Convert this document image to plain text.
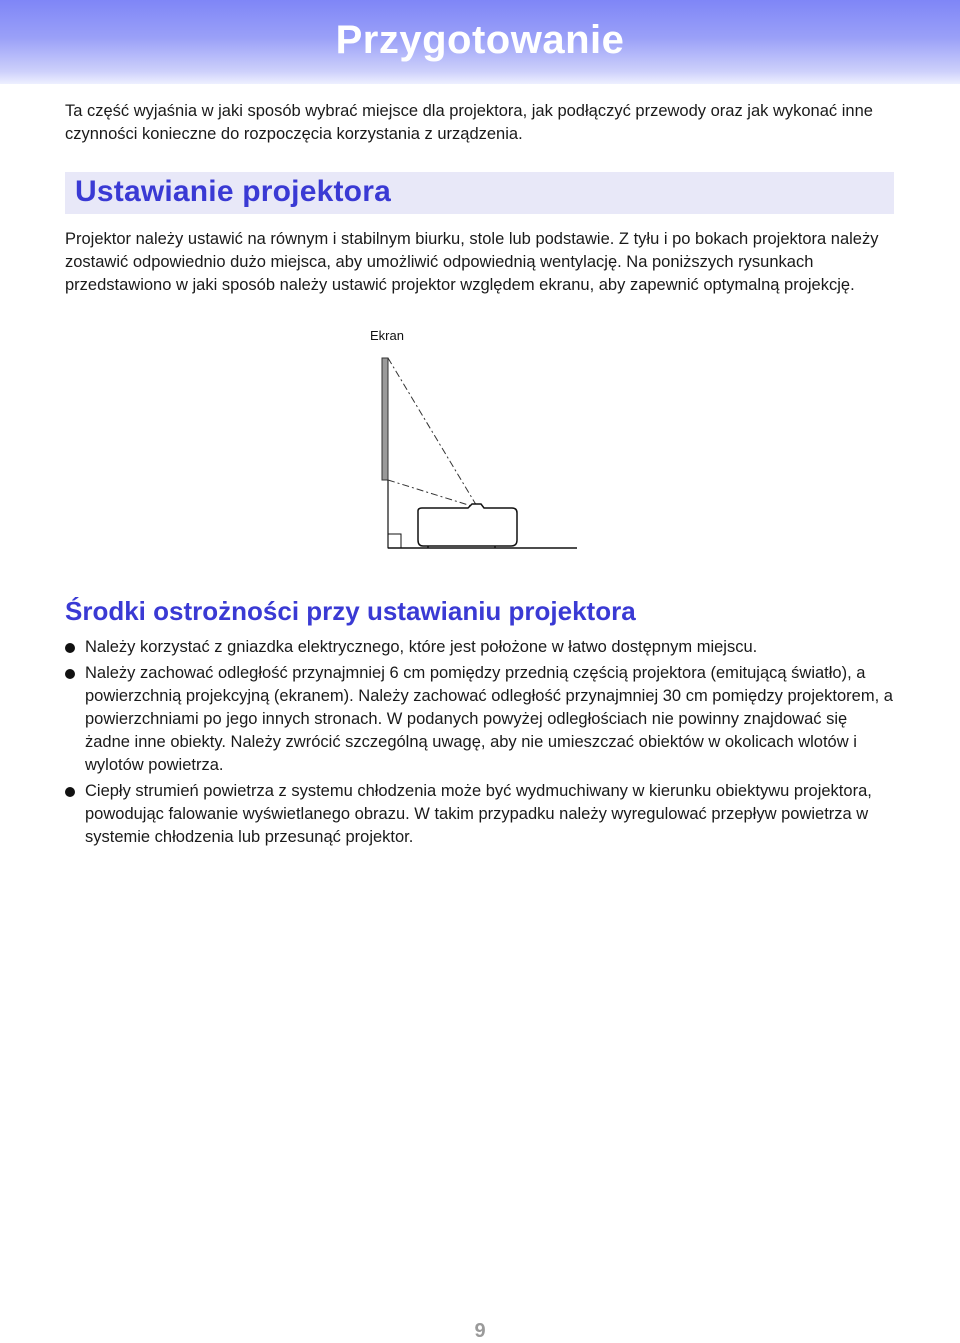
Przygotowanie

Ta część wyjaśnia w jaki sposób wybrać miejsce dla projektora, jak podłączyć przewody oraz jak wykonać inne czynności konieczne do rozpoczęcia korzystania z urządzenia.

Ustawianie projektora

Projektor należy ustawić na równym i stabilnym biurku, stole lub podstawie. Z tyłu i po bokach projektora należy zostawić odpowiednio dużo miejsca, aby umożliwić odpowiednią wentylację. Na poniższych rysunkach przedstawiono w jaki sposób należy ustawić projektor względem ekranu, aby zapewnić optymalną projekcję.

Ekran
Środki ostrożności przy ustawianiu projektora
Należy korzystać z gniazdka elektrycznego, które jest położone w łatwo dostępnym miejscu.
Należy zachować odległość przynajmniej 6 cm pomiędzy przednią częścią projektora (emitującą światło), a powierzchnią projekcyjną (ekranem). Należy zachować odległość przynajmniej 30 cm pomiędzy projektorem, a powierzchniami po jego innych stronach. W podanych powyżej odległościach nie powinny znajdować się żadne inne obiekty. Należy zwrócić szczególną uwagę, aby nie umieszczać obiektów w okolicach wlotów i wylotów powietrza.
Ciepły strumień powietrza z systemu chłodzenia może być wydmuchiwany w kierunku obiektywu projektora, powodując falowanie wyświetlanego obrazu. W takim przypadku należy wyregulować przepływ powietrza w systemie chłodzenia lub przesunąć projektor.
9
